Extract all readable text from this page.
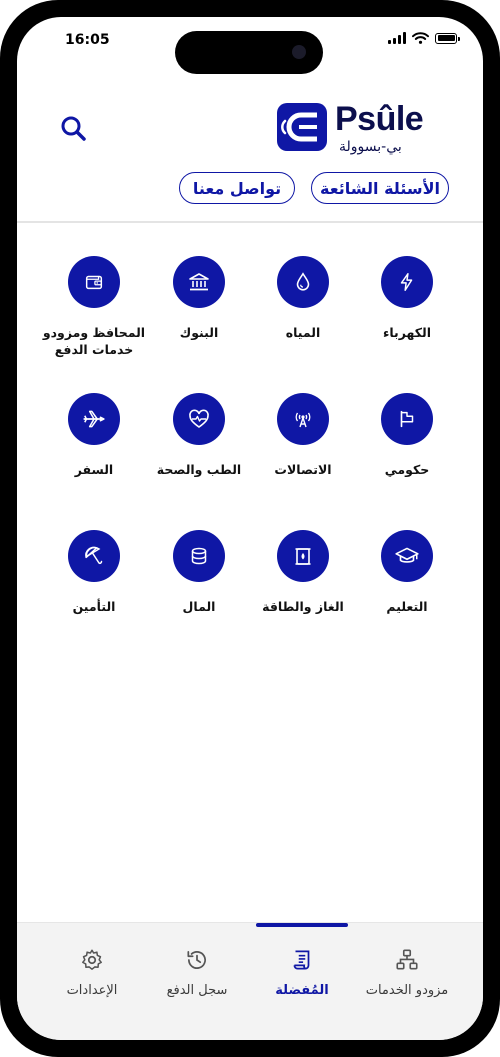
16:05
Psûle
بي-بسوولة
الأسئلة الشائعة
تواصل معنا
الكهرباء
المياه
البنوك
المحافظ ومزودو
خدمات الدفع
حكومي
الاتصالات
الطب والصحة
السفر
التعليم
الغاز والطاقة
المال
التأمين
مزودو الخدمات
المُفضلة
سجل الدفع
الإعدادات
